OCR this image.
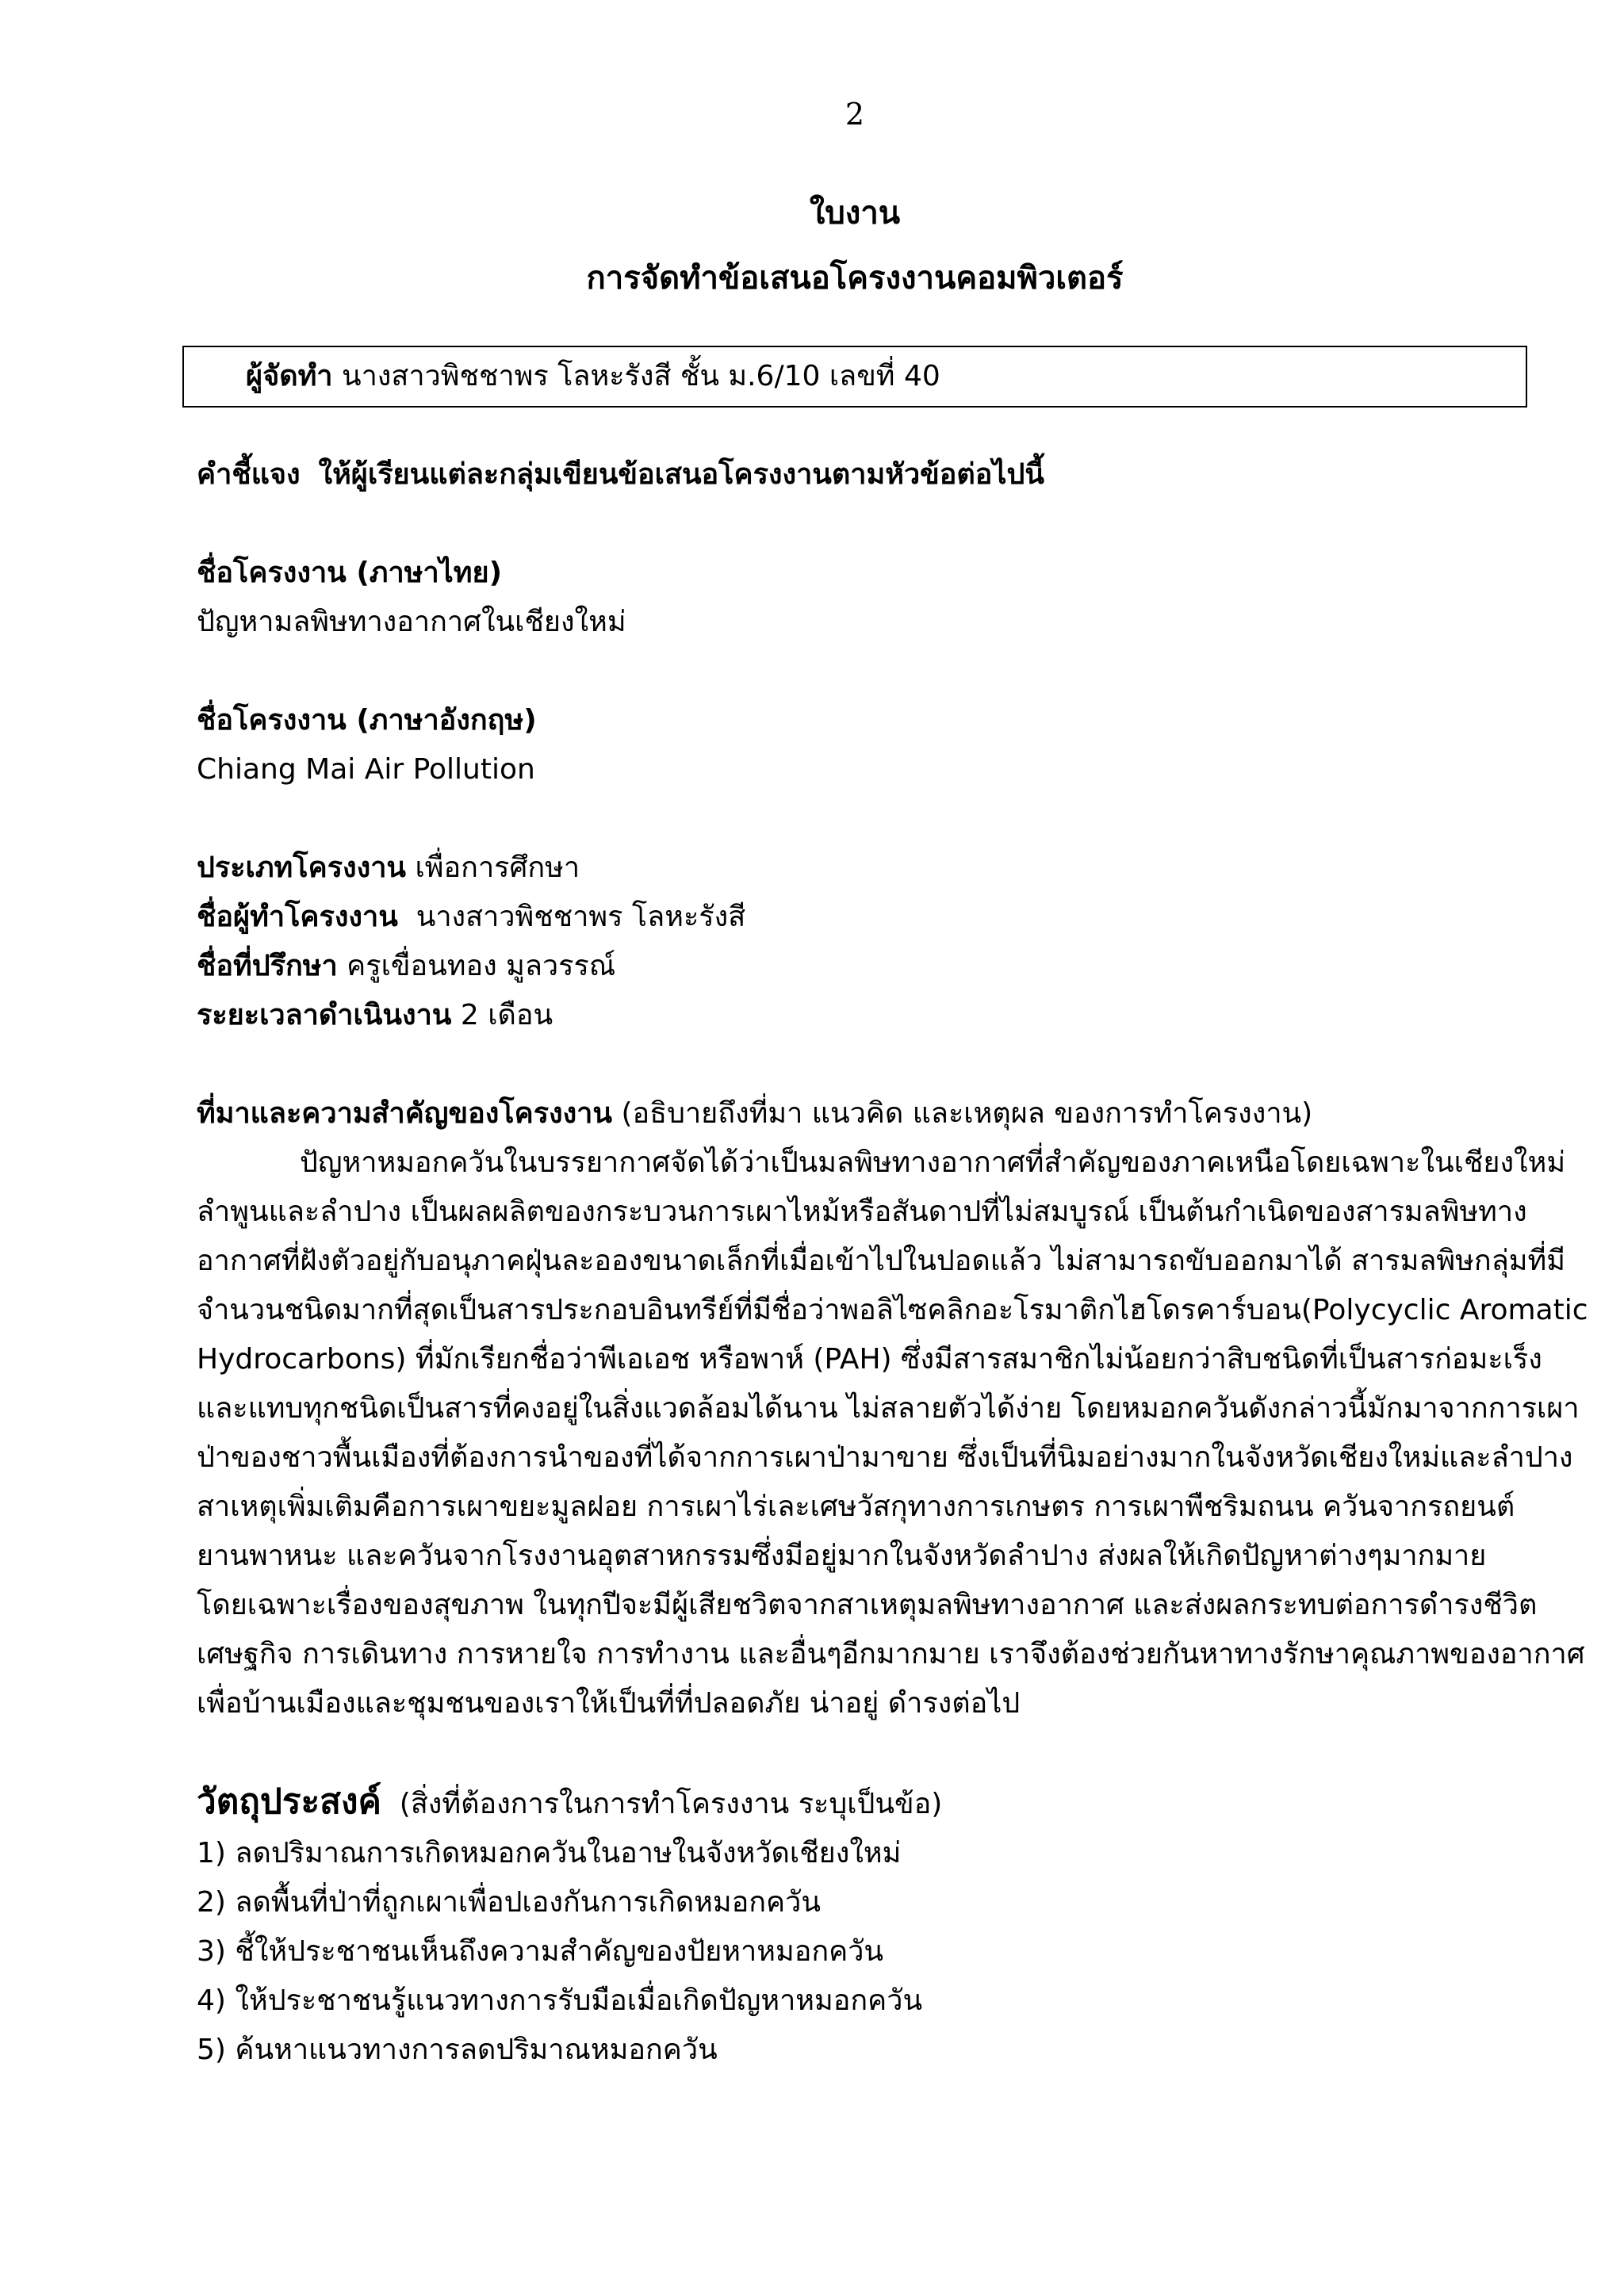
2
ใบงาน
การจัดทำข้อเสนอโครงงานคอมพิวเตอร์
ผู้จัดทำ นางสาวพิชชาพร โลหะรังสี ชั้น ม.6/10 เลขที่ 40
คำชี้แจง ให้ผู้เรียนแต่ละกลุ่มเขียนข้อเสนอโครงงานตามหัวข้อต่อไปนี้
ชื่อโครงงาน (ภาษาไทย)
ปัญหามลพิษทางอากาศในเชียงใหม่
ชื่อโครงงาน (ภาษาอังกฤษ)
Chiang Mai Air Pollution
ประเภทโครงงาน เพื่อการศึกษา
ชื่อผู้ทำโครงงาน นางสาวพิชชาพร โลหะรังสี
ชื่อที่ปรึกษา ครูเขื่อนทอง มูลวรรณ์
ระยะเวลาดำเนินงาน 2 เดือน
ที่มาและความสำคัญของโครงงาน (อธิบายถึงที่มา แนวคิด และเหตุผล ของการทำโครงงาน)
ปัญหาหมอกควันในบรรยากาศจัดได้ว่าเป็นมลพิษทางอากาศที่สำคัญของภาคเหนือโดยเฉพาะในเชียงใหม่
ลำพูนและลำปาง เป็นผลผลิตของกระบวนการเผาไหม้หรือสันดาปที่ไม่สมบูรณ์ เป็นต้นกำเนิดของสารมลพิษทาง
อากาศที่ฝังตัวอยู่กับอนุภาคฝุ่นละอองขนาดเล็กที่เมื่อเข้าไปในปอดแล้ว ไม่สามารถขับออกมาได้ สารมลพิษกลุ่มที่มี
จำนวนชนิดมากที่สุดเป็นสารประกอบอินทรีย์ที่มีชื่อว่าพอลิไซคลิกอะโรมาติกไฮโดรคาร์บอน(Polycyclic Aromatic
Hydrocarbons) ที่มักเรียกชื่อว่าพีเอเอช หรือพาห์ (PAH) ซึ่งมีสารสมาชิกไม่น้อยกว่าสิบชนิดที่เป็นสารก่อมะเร็ง
และแทบทุกชนิดเป็นสารที่คงอยู่ในสิ่งแวดล้อมได้นาน ไม่สลายตัวได้ง่าย โดยหมอกควันดังกล่าวนี้มักมาจากการเผา
ป่าของชาวพื้นเมืองที่ต้องการนำของที่ได้จากการเผาป่ามาขาย ซึ่งเป็นที่นิมอย่างมากในจังหวัดเชียงใหม่และลำปาง
สาเหตุเพิ่มเติมคือการเผาขยะมูลฝอย การเผาไร่เละเศษวัสกุทางการเกษตร การเผาพืชริมถนน ควันจากรถยนต์
ยานพาหนะ และควันจากโรงงานอุตสาหกรรมซึ่งมีอยู่มากในจังหวัดลำปาง ส่งผลให้เกิดปัญหาต่างๆมากมาย
โดยเฉพาะเรื่องของสุขภาพ ในทุกปีจะมีผู้เสียชวิตจากสาเหตุมลพิษทางอากาศ และส่งผลกระทบต่อการดำรงชีวิต
เศษฐกิจ การเดินทาง การหายใจ การทำงาน และอื่นๆอีกมากมาย เราจึงต้องช่วยกันหาทางรักษาคุณภาพของอากาศ
เพื่อบ้านเมืองและชุมชนของเราให้เป็นที่ที่ปลอดภัย น่าอยู่ ดำรงต่อไป
วัตถุประสงค์ (สิ่งที่ต้องการในการทำโครงงาน ระบุเป็นข้อ)
1) ลดปริมาณการเกิดหมอกควันในอาษในจังหวัดเชียงใหม่
2) ลดพื้นที่ป่าที่ถูกเผาเพื่อปเองกันการเกิดหมอกควัน
3) ชี้ให้ประชาชนเห็นถึงความสำคัญของปัยหาหมอกควัน
4) ให้ประชาชนรู้แนวทางการรับมือเมื่อเกิดปัญหาหมอกควัน
5) ค้นหาแนวทางการลดปริมาณหมอกควัน
